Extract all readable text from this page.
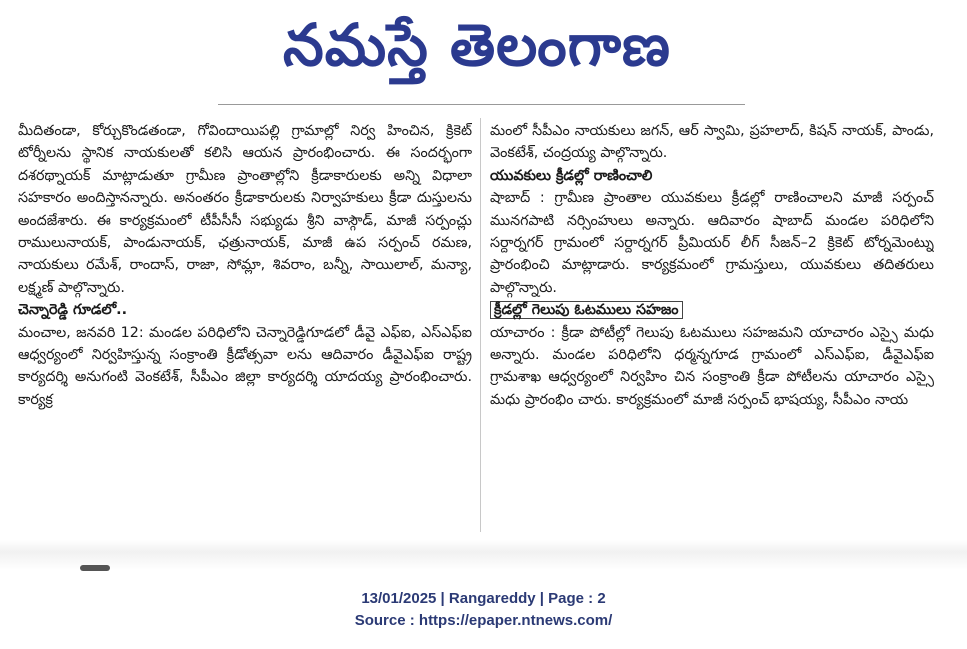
నమస్తే తెలంగాణ

మీదితండా, కోర్చుకొండతండా, గోవిందాయిపల్లి గ్రామాల్లో నిర్వ హించిన, క్రికెట్ టోర్నీలను స్థానిక నాయకులతో కలిసి ఆయన ప్రారంభించారు. ఈ సందర్భంగా దశరథ్నాయక్ మాట్లాడుతూ గ్రామీణ ప్రాంతాల్లోని క్రీడాకారులకు అన్ని విధాలా సహకారం అందిస్తానన్నారు. అనంతరం క్రీడాకారులకు నిర్వాహకులు క్రీడా దుస్తులను అందజేశారు. ఈ కార్యక్రమంలో టీపీసీసీ సభ్యుడు శ్రీని వాస్గౌడ్, మాజీ సర్పంచ్లు రాములునాయక్, పాండునాయక్, ఛత్రునాయక్, మాజీ ఉప సర్పంచ్ రమణ, నాయకులు రమేశ్, రాందాస్, రాజా, సోమ్లా, శివరాం, బన్నీ, సాయిలాల్, మన్యా, లక్ష్మణ్ పాల్గొన్నారు.

చెన్నారెడ్డి గూడలో..

మంచాల, జనవరి 12: మండల పరిధిలోని చెన్నారెడ్డిగూడలో డీవై ఎఫ్ఐ, ఎస్ఎఫ్ఐ ఆధ్వర్యంలో నిర్వహిస్తున్న సంక్రాంతి క్రీడోత్సవా లను ఆదివారం డీవైఎఫ్ఐ రాష్ట్ర కార్యదర్శి అనుగంటి వెంకటేశ్, సీపీఎం జిల్లా కార్యదర్శి యాదయ్య ప్రారంభించారు. కార్యక్ర

మంలో సీపీఎం నాయకులు జగన్, ఆర్ స్వామి, ప్రహలాద్, కిషన్ నాయక్, పాండు, వెంకటేశ్, చంద్రయ్య పాల్గొన్నారు.

యువకులు క్రీడల్లో రాణించాలి

షాబాద్ : గ్రామీణ ప్రాంతాల యువకులు క్రీడల్లో రాణించాలని మాజీ సర్పంచ్ మునగపాటి నర్సింహులు అన్నారు. ఆదివారం షాబాద్ మండల పరిధిలోని సర్దార్నగర్ గ్రామంలో సర్దార్నగర్ ప్రీమియర్ లీగ్ సీజన్–2 క్రికెట్ టోర్నమెంట్ను ప్రారంభించి మాట్లాడారు. కార్యక్రమంలో గ్రామస్తులు, యువకులు తదితరులు పాల్గొన్నారు.

క్రీడల్లో గెలుపు ఓటములు సహజం

యాచారం : క్రీడా పోటీల్లో గెలుపు ఓటములు సహజమని యాచారం ఎస్సై మధు అన్నారు. మండల పరిధిలోని ధర్మన్నగూడ గ్రామంలో ఎస్ఎఫ్ఐ, డీవైఎఫ్ఐ గ్రామశాఖ ఆధ్వర్యంలో నిర్వహిం చిన సంక్రాంతి క్రీడా పోటీలను యాచారం ఎస్సై మధు ప్రారంభిం చారు. కార్యక్రమంలో మాజీ సర్పంచ్ భాషయ్య, సీపీఎం నాయ

13/01/2025 | Rangareddy | Page : 2
Source : https://epaper.ntnews.com/
